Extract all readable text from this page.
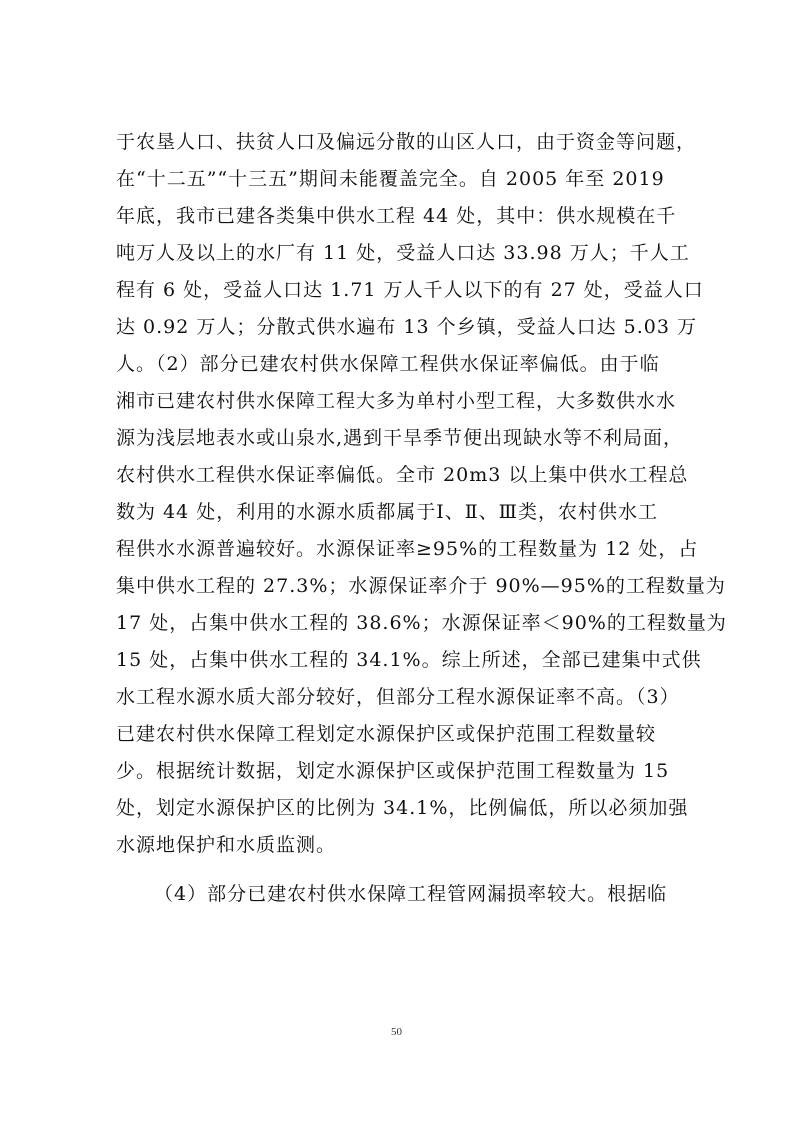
于农垦人口、扶贫人口及偏远分散的山区人口，由于资金等问题，
在“十二五”“十三五”期间未能覆盖完全。自 2005 年至 2019
年底，我市已建各类集中供水工程 44 处，其中：供水规模在千
吨万人及以上的水厂有 11 处，受益人口达 33.98 万人；千人工
程有 6 处，受益人口达 1.71 万人千人以下的有 27 处，受益人口
达 0.92 万人；分散式供水遍布 13 个乡镇，受益人口达 5.03 万
人。（2）部分已建农村供水保障工程供水保证率偏低。由于临
湘市已建农村供水保障工程大多为单村小型工程，大多数供水水
源为浅层地表水或山泉水,遇到干旱季节便出现缺水等不利局面，
农村供水工程供水保证率偏低。全市 20m3 以上集中供水工程总
数为 44 处，利用的水源水质都属于Ⅰ、Ⅱ、Ⅲ类，农村供水工
程供水水源普遍较好。水源保证率≥95%的工程数量为 12 处，占
集中供水工程的 27.3%；水源保证率介于 90%—95%的工程数量为
17 处，占集中供水工程的 38.6%；水源保证率＜90%的工程数量为
15 处，占集中供水工程的 34.1%。综上所述，全部已建集中式供
水工程水源水质大部分较好，但部分工程水源保证率不高。（3）
已建农村供水保障工程划定水源保护区或保护范围工程数量较
少。根据统计数据，划定水源保护区或保护范围工程数量为 15
处，划定水源保护区的比例为 34.1%，比例偏低，所以必须加强
水源地保护和水质监测。
（4）部分已建农村供水保障工程管网漏损率较大。根据临
50
